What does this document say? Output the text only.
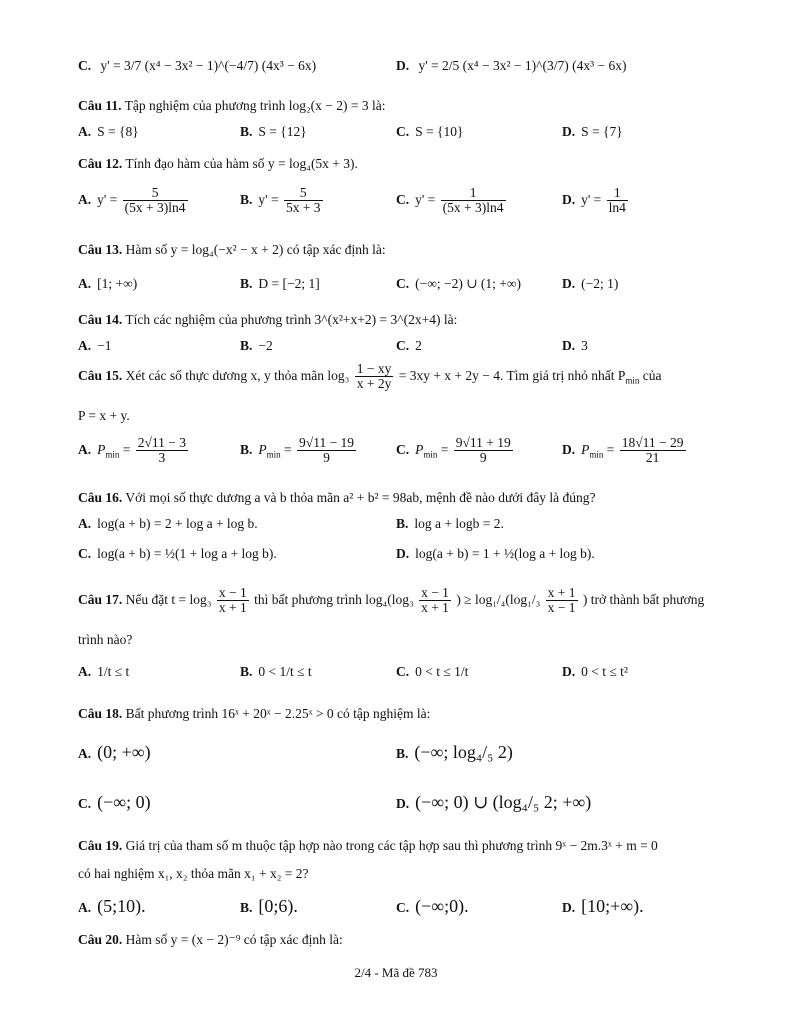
C. y' = 3/7 (x⁴ − 3x² − 1)^(−4/7) (4x³ − 6x)	D. y' = 2/5 (x⁴ − 3x² − 1)^(3/7) (4x³ − 6x)
Câu 11. Tập nghiệm của phương trình log₂(x − 2) = 3 là:
A. S = {8}	B. S = {12}	C. S = {10}	D. S = {7}
Câu 12. Tính đạo hàm của hàm số y = log₄(5x + 3).
A. $y' = \frac{5}{(5x + 3)\ln 4}$	B. $y' = \frac{5}{5x + 3}$	C. $y' = \frac{1}{(5x + 3)\ln 4}$	D. $y' = \frac{1}{\ln 4}$
Câu 13. Hàm số y = log₄(−x² − x + 2) có tập xác định là:
A. [1; +∞)	B. D = [−2; 1]	C. (−∞; −2) ∪ (1; +∞)	D. (−2; 1)
Câu 14. Tích các nghiệm của phương trình 3^(x²+x+2) = 3^(2x+4) là:
A. −1	B. −2	C. 2	D. 3
Câu 15. Xét các số thực dương x, y thỏa mãn $\log_3 \frac{1 - xy}{x + 2y} = 3xy + x + 2y - 4$. Tìm giá trị nhỏ nhất $P_{min}$ của
P = x + y.
A. $P_{min} = \frac{2√11 - 3}{3}$	B. $P_{min} = \frac{9√11 - 19}{9}$	C. $P_{min} = \frac{9√11 + 19}{9}$	D. $P_{min} = \frac{18√11 - 29}{21}$
Câu 16. Với mọi số thực dương a và b thỏa mãn a² + b² = 98ab, mệnh đề nào dưới đây là đúng?
A. log(a + b) = 2 + log a + log b.	B. log a + logb = 2.
C. log(a + b) = ½(1 + log a + log b).	D. log(a + b) = 1 + ½(log a + log b).
Câu 17. Nếu đặt $t = \log_3 \frac{x - 1}{x + 1}$ thì bất phương trình $\log_4(\log_3 \frac{x - 1}{x + 1}$ ) ≥ $\log_1/_4(\log_1/_3 \frac{x + 1}{x - 1}$ ) trở thành bất phương
trình nào?
A. 1/t ≤ t	B. 0 < 1/t ≤ t	C. 0 < t ≤ 1/t	D. 0 < t ≤ t²
Câu 18. Bất phương trình 16ˣ + 20ˣ − 2.25ˣ > 0 có tập nghiệm là:
A. (0; +∞)	B. (−∞; log₄/₅ 2)
C. (−∞; 0)	D. (−∞; 0) ∪ (log₄/₅ 2; +∞)
Câu 19. Giá trị của tham số m thuộc tập hợp nào trong các tập hợp sau thì phương trình 9ˣ − 2m.3ˣ + m = 0
có hai nghiệm x₁, x₂ thỏa mãn x₁ + x₂ = 2?
A. (5;10).	B. [0;6).	C. (−∞;0).	D. [10;+∞).
Câu 20. Hàm số y = (x − 2)⁻⁹ có tập xác định là:
2/4 - Mã đề 783
